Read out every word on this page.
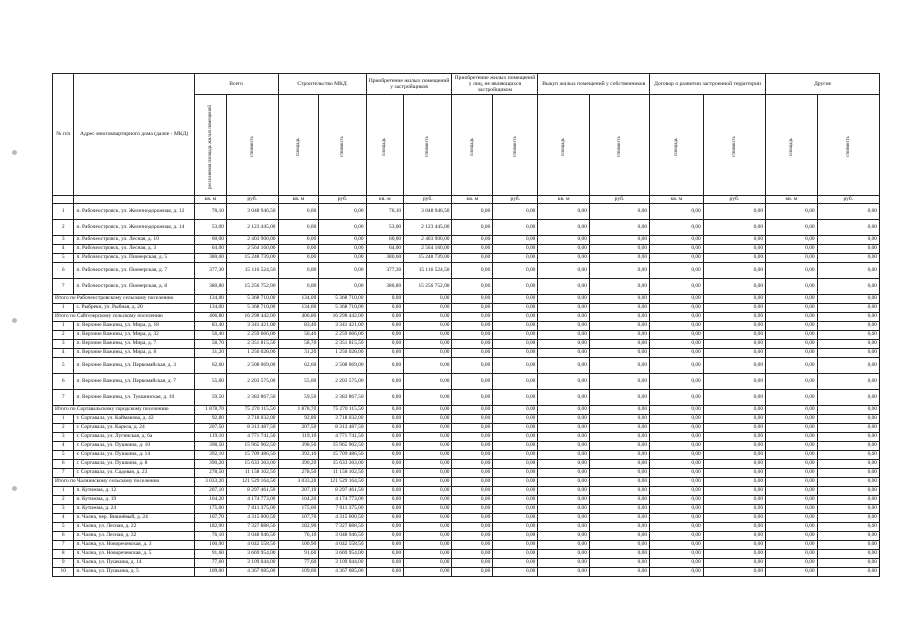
№ п/п	Адрес многоквартирного дома (далее - МКД)	Всего		Строительство МКД		Приобретение жилых помещений у застройщиков		Приобретение жилых помещений у лиц, не являющихся застройщиком		Выкуп жилых помещений у собственников		Договор о развитии застроенной территории		Другие	

		расселяемая площадь жилых помещений	стоимость	площадь	стоимость	площадь	стоимость	площадь	стоимость	площадь	стоимость	площадь	стоимость	площадь	стоимость

		кв. м	руб.	кв. м	руб.	кв. м	руб.	кв. м	руб.	кв. м	руб.	кв. м	руб.	кв. м	руб.
1	п. Рабочеостровск, ул. Железнодорожная, д. 12	76,10	3 048 946,50	0,00	0,00	76,10	3 048 946,50	0,00	0,00	0,00	0,00	0,00	0,00	0,00	0,00
2	п. Рабочеостровск, ул. Железнодорожная, д. 14	53,00	2 123 445,00	0,00	0,00	53,00	2 123 445,00	0,00	0,00	0,00	0,00	0,00	0,00	0,00	0,00
3	п. Рабочеостровск, ул. Лесная, д. 10	60,00	2 403 900,00	0,00	0,00	60,00	2 403 900,00	0,00	0,00	0,00	0,00	0,00	0,00	0,00	0,00
4	п. Рабочеостровск, ул. Лесная, д. 3	64,00	2 564 160,00	0,00	0,00	64,00	2 564 160,00	0,00	0,00	0,00	0,00	0,00	0,00	0,00	0,00
5	п. Рабочеостровск, ул. Пионерская, д. 5	380,60	15 248 739,00	0,00	0,00	380,60	15 248 739,00	0,00	0,00	0,00	0,00	0,00	0,00	0,00	0,00
6	п. Рабочеостровск, ул. Пионерская, д. 7	377,30	15 116 524,50	0,00	0,00	377,30	15 116 524,50	0,00	0,00	0,00	0,00	0,00	0,00	0,00	0,00
7	п. Рабочеостровск, ул. Пионерская, д. 8	380,80	15 256 752,00	0,00	0,00	380,80	15 256 752,00	0,00	0,00	0,00	0,00	0,00	0,00	0,00	0,00
Итого по Рабочеостровскому сельскому поселению		134,00	5 368 710,00	134,00	5 368 710,00	0,00	0,00	0,00	0,00	0,00	0,00	0,00	0,00	0,00	0,00
1	с. Рыбреки, ул. Рыбная, д. 20	134,00	5 368 710,00	134,00	5 368 710,00	0,00	0,00	0,00	0,00	0,00	0,00	0,00	0,00	0,00	0,00
Итого по Сайгозерскому сельскому поселению		406,80	16 298 442,00	406,80	16 298 442,00	0,00	0,00	0,00	0,00	0,00	0,00	0,00	0,00	0,00	0,00
1	п. Верхние Важины, ул. Мира, д. 18	83,40	3 341 421,00	83,40	3 341 421,00	0,00	0,00	0,00	0,00	0,00	0,00	0,00	0,00	0,00	0,00
2	п. Верхние Важины, ул. Мира, д. 32	56,40	2 259 666,00	56,40	2 259 666,00	0,00	0,00	0,00	0,00	0,00	0,00	0,00	0,00	0,00	0,00
3	п. Верхние Важины, ул. Мира, д. 7	58,70	2 351 815,50	58,70	2 351 815,50	0,00	0,00	0,00	0,00	0,00	0,00	0,00	0,00	0,00	0,00
4	п. Верхние Важины, ул. Мира, д. 8	31,20	1 250 028,00	31,20	1 250 028,00	0,00	0,00	0,00	0,00	0,00	0,00	0,00	0,00	0,00	0,00
5	п. Верхние Важины, ул. Первомайская, д. 3	62,60	2 508 069,00	62,60	2 508 069,00	0,00	0,00	0,00	0,00	0,00	0,00	0,00	0,00	0,00	0,00
6	п. Верхние Важины, ул. Первомайская, д. 7	55,00	2 203 575,00	55,00	2 203 575,00	0,00	0,00	0,00	0,00	0,00	0,00	0,00	0,00	0,00	0,00
7	п. Верхние Важины, ул. Тукшинская, д. 10	59,50	2 383 867,50	59,50	2 383 867,50	0,00	0,00	0,00	0,00	0,00	0,00	0,00	0,00	0,00	0,00
Итого по Сортавальскому городскому поселению		1 878,70	75 270 115,50	1 878,70	75 270 115,50	0,00	0,00	0,00	0,00	0,00	0,00	0,00	0,00	0,00	0,00
1	г. Сортавала, ул. Кайманова, д. 42	92,80	3 718 032,00	92,80	3 718 032,00	0,00	0,00	0,00	0,00	0,00	0,00	0,00	0,00	0,00	0,00
2	г. Сортавала, ул. Карела, д. 24	207,50	8 313 487,50	207,50	8 313 487,50	0,00	0,00	0,00	0,00	0,00	0,00	0,00	0,00	0,00	0,00
3	г. Сортавала, ул. Лугинская, д. 6а	119,10	4 771 741,50	119,10	4 771 741,50	0,00	0,00	0,00	0,00	0,00	0,00	0,00	0,00	0,00	0,00
4	г. Сортавала, ул. Пушкина, д. 10	398,50	15 965 902,50	398,50	15 965 902,50	0,00	0,00	0,00	0,00	0,00	0,00	0,00	0,00	0,00	0,00
5	г. Сортавала, ул. Пушкина, д. 14	392,10	15 709 486,50	392,10	15 709 486,50	0,00	0,00	0,00	0,00	0,00	0,00	0,00	0,00	0,00	0,00
6	г. Сортавала, ул. Пушкина, д. 8	390,20	15 633 363,00	390,20	15 633 363,00	0,00	0,00	0,00	0,00	0,00	0,00	0,00	0,00	0,00	0,00
7	г. Сортавала, ул. Садовая, д. 23	278,50	11 158 102,50	278,50	11 158 102,50	0,00	0,00	0,00	0,00	0,00	0,00	0,00	0,00	0,00	0,00
Итого по Чалнинскому сельскому поселению		3 033,20	121 529 164,50	3 033,20	121 529 164,50	0,00	0,00	0,00	0,00	0,00	0,00	0,00	0,00	0,00	0,00
1	п. Кутижма, д. 12	207,10	8 297 461,50	207,10	8 297 461,50	0,00	0,00	0,00	0,00	0,00	0,00	0,00	0,00	0,00	0,00
2	п. Кутижма, д. 19	104,20	4 174 773,00	104,20	4 174 773,00	0,00	0,00	0,00	0,00	0,00	0,00	0,00	0,00	0,00	0,00
3	п. Кутижма, д. 24	175,00	7 011 375,00	175,00	7 011 375,00	0,00	0,00	0,00	0,00	0,00	0,00	0,00	0,00	0,00	0,00
4	п. Чална, пер. Вишнёвый, д. 24	107,70	4 315 000,50	107,70	4 315 000,50	0,00	0,00	0,00	0,00	0,00	0,00	0,00	0,00	0,00	0,00
5	п. Чална, ул. Лесная, д. 22	182,90	7 327 888,50	182,90	7 327 888,50	0,00	0,00	0,00	0,00	0,00	0,00	0,00	0,00	0,00	0,00
6	п. Чална, ул. Лесная, д. 32	76,10	3 048 946,50	76,10	3 048 946,50	0,00	0,00	0,00	0,00	0,00	0,00	0,00	0,00	0,00	0,00
7	п. Чална, ул. Новоречевская, д. 3	100,90	4 042 558,50	100,90	4 042 558,50	0,00	0,00	0,00	0,00	0,00	0,00	0,00	0,00	0,00	0,00
8	п. Чална, ул. Новоречевская, д. 5	91,60	3 669 954,00	91,60	3 669 954,00	0,00	0,00	0,00	0,00	0,00	0,00	0,00	0,00	0,00	0,00
9	п. Чална, ул. Пушкина, д. 14	77,60	3 109 044,00	77,60	3 109 044,00	0,00	0,00	0,00	0,00	0,00	0,00	0,00	0,00	0,00	0,00
10	п. Чална, ул. Пушкина, д. 5	109,00	4 367 085,00	109,00	4 367 085,00	0,00	0,00	0,00	0,00	0,00	0,00	0,00	0,00	0,00	0,00
